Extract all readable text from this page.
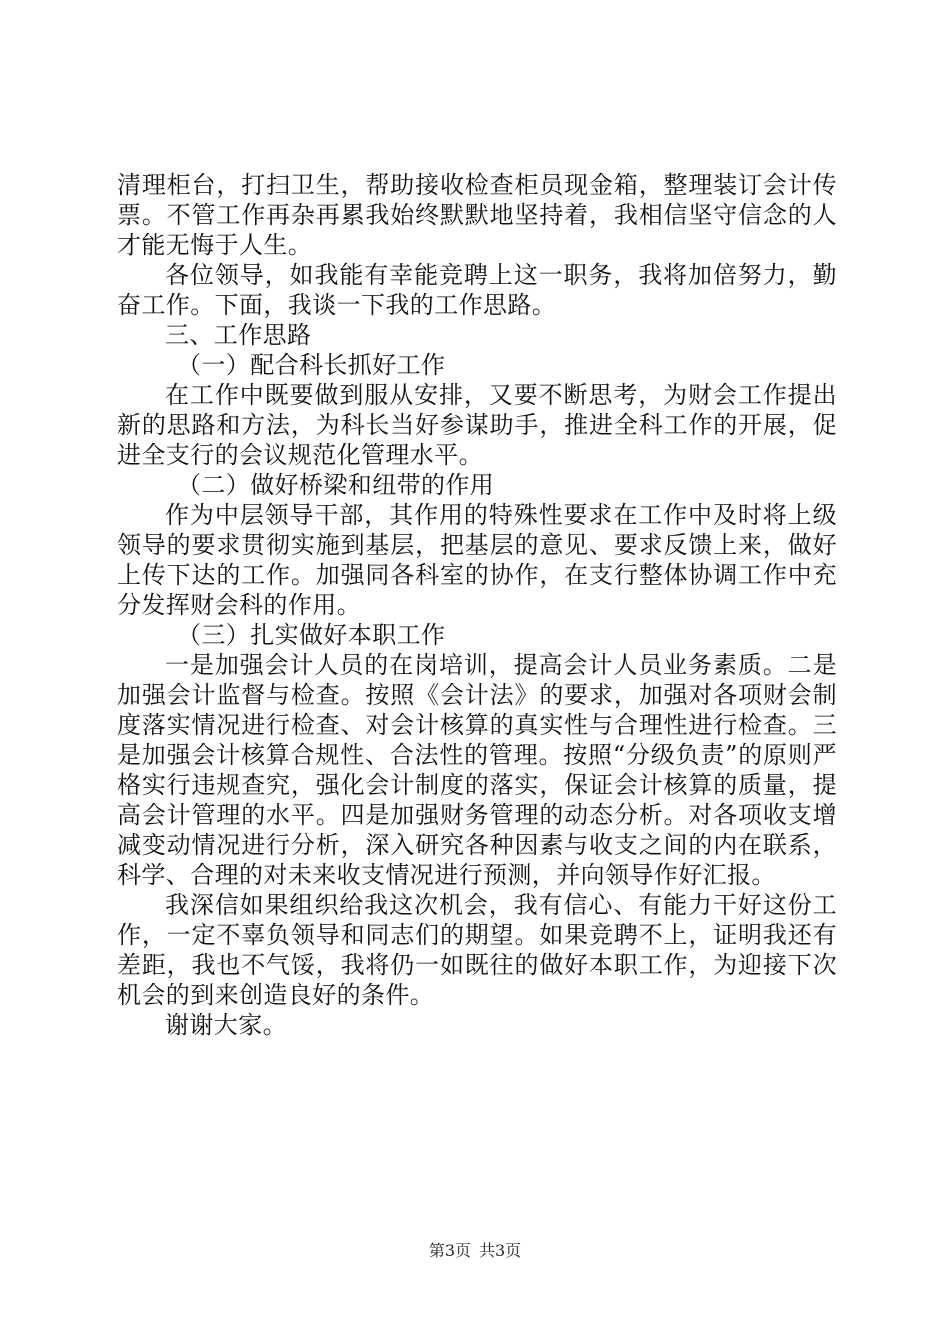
清理柜台，打扫卫生，帮助接收检查柜员现金箱，整理装订会计传票。不管工作再杂再累我始终默默地坚持着，我相信坚守信念的人才能无悔于人生。

各位领导，如我能有幸能竞聘上这一职务，我将加倍努力，勤奋工作。下面，我谈一下我的工作思路。

三、工作思路

（一）配合科长抓好工作

在工作中既要做到服从安排，又要不断思考，为财会工作提出新的思路和方法，为科长当好参谋助手，推进全科工作的开展，促进全支行的会议规范化管理水平。

（二）做好桥梁和纽带的作用

作为中层领导干部，其作用的特殊性要求在工作中及时将上级领导的要求贯彻实施到基层，把基层的意见、要求反馈上来，做好上传下达的工作。加强同各科室的协作，在支行整体协调工作中充分发挥财会科的作用。

（三）扎实做好本职工作

一是加强会计人员的在岗培训，提高会计人员业务素质。二是加强会计监督与检查。按照《会计法》的要求，加强对各项财会制度落实情况进行检查、对会计核算的真实性与合理性进行检查。三是加强会计核算合规性、合法性的管理。按照“分级负责”的原则严格实行违规查究，强化会计制度的落实，保证会计核算的质量，提高会计管理的水平。四是加强财务管理的动态分析。对各项收支增减变动情况进行分析，深入研究各种因素与收支之间的内在联系，科学、合理的对未来收支情况进行预测，并向领导作好汇报。

我深信如果组织给我这次机会，我有信心、有能力干好这份工作，一定不辜负领导和同志们的期望。如果竞聘不上，证明我还有差距，我也不气馁，我将仍一如既往的做好本职工作，为迎接下次机会的到来创造良好的条件。

谢谢大家。

第3页 共3页
